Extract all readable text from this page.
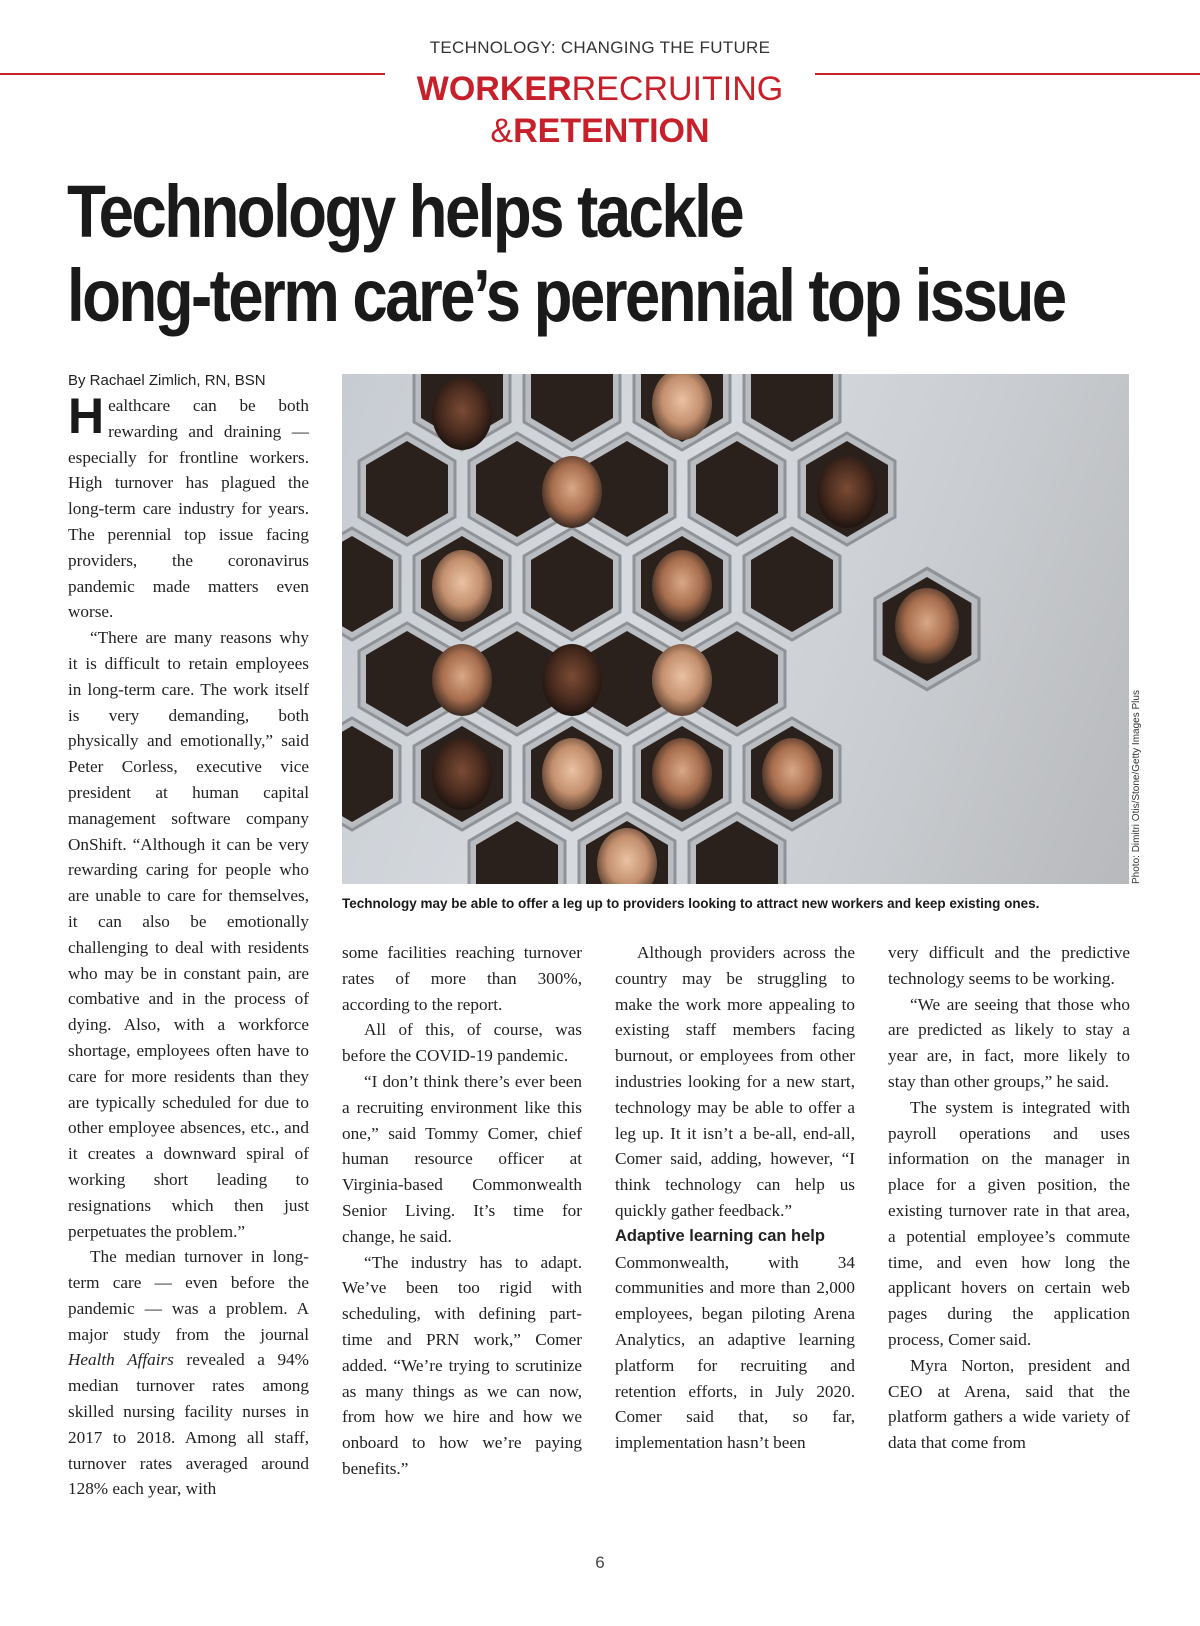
TECHNOLOGY: CHANGING THE FUTURE
WORKERRECRUITING
&RETENTION
Technology helps tackle
long-term care’s perennial top issue
By Rachael Zimlich, RN, BSN

Healthcare can be both rewarding and draining — especially for frontline workers. High turnover has plagued the long-term care industry for years. The perennial top issue facing providers, the coronavirus pandemic made matters even worse.

“There are many reasons why it is difficult to retain employees in long-term care. The work itself is very demanding, both physically and emotionally,” said Peter Corless, executive vice president at human capital management software company OnShift. “Although it can be very rewarding caring for people who are unable to care for themselves, it can also be emotionally challenging to deal with residents who may be in constant pain, are combative and in the process of dying. Also, with a workforce shortage, employees often have to care for more residents than they are typically scheduled for due to other employee absences, etc., and it creates a downward spiral of working short leading to resignations which then just perpetuates the problem.”

The median turnover in long-term care — even before the pandemic — was a problem. A major study from the journal Health Affairs revealed a 94% median turnover rates among skilled nursing facility nurses in 2017 to 2018. Among all staff, turnover rates averaged around 128% each year, with

Photo: Dimitri Otis/Stone/Getty Images Plus
Technology may be able to offer a leg up to providers looking to attract new workers and keep existing ones.

some facilities reaching turnover rates of more than 300%, according to the report.

All of this, of course, was before the COVID-19 pandemic.

“I don’t think there’s ever been a recruiting environment like this one,” said Tommy Comer, chief human resource officer at Virginia-based Commonwealth Senior Living. It’s time for change, he said.

“The industry has to adapt. We’ve been too rigid with scheduling, with defining part-time and PRN work,” Comer added. “We’re trying to scrutinize as many things as we can now, from how we hire and how we onboard to how we’re paying benefits.”

Although providers across the country may be struggling to make the work more appealing to existing staff members facing burnout, or employees from other industries looking for a new start, technology may be able to offer a leg up. It it isn’t a be-all, end-all, Comer said, adding, however, “I think technology can help us quickly gather feedback.”

Adaptive learning can help

Commonwealth, with 34 communities and more than 2,000 employees, began piloting Arena Analytics, an adaptive learning platform for recruiting and retention efforts, in July 2020. Comer said that, so far, implementation hasn’t been

very difficult and the predictive technology seems to be working.

“We are seeing that those who are predicted as likely to stay a year are, in fact, more likely to stay than other groups,” he said.

The system is integrated with payroll operations and uses information on the manager in place for a given position, the existing turnover rate in that area, a potential employee’s commute time, and even how long the applicant hovers on certain web pages during the application process, Comer said.

Myra Norton, president and CEO at Arena, said that the platform gathers a wide variety of data that come from

6
